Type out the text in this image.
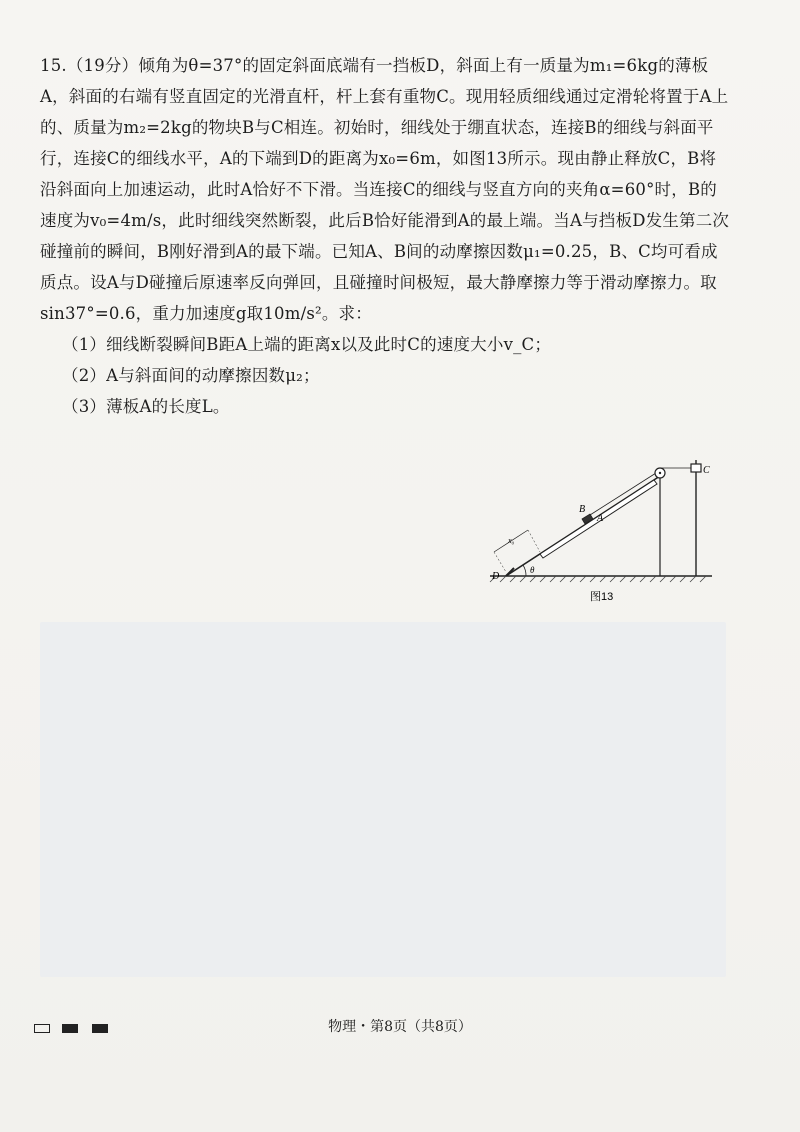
15.（19分）倾角为θ=37°的固定斜面底端有一挡板D，斜面上有一质量为m₁=6kg的薄板A，斜面的右端有竖直固定的光滑直杆，杆上套有重物C。现用轻质细线通过定滑轮将置于A上的、质量为m₂=2kg的物块B与C相连。初始时，细线处于绷直状态，连接B的细线与斜面平行，连接C的细线水平，A的下端到D的距离为x₀=6m，如图13所示。现由静止释放C，B将沿斜面向上加速运动，此时A恰好不下滑。当连接C的细线与竖直方向的夹角α=60°时，B的速度为v₀=4m/s，此时细线突然断裂，此后B恰好能滑到A的最上端。当A与挡板D发生第二次碰撞前的瞬间，B刚好滑到A的最下端。已知A、B间的动摩擦因数μ₁=0.25，B、C均可看成质点。设A与D碰撞后原速率反向弹回，且碰撞时间极短，最大静摩擦力等于滑动摩擦力。取sin37°=0.6，重力加速度g取10m/s²。求：

（1）细线断裂瞬间B距A上端的距离x以及此时C的速度大小v_C；

（2）A与斜面间的动摩擦因数μ₂；

（3）薄板A的长度L。

B
A
C
D
x₀
θ
图13
物理・第8页（共8页）
